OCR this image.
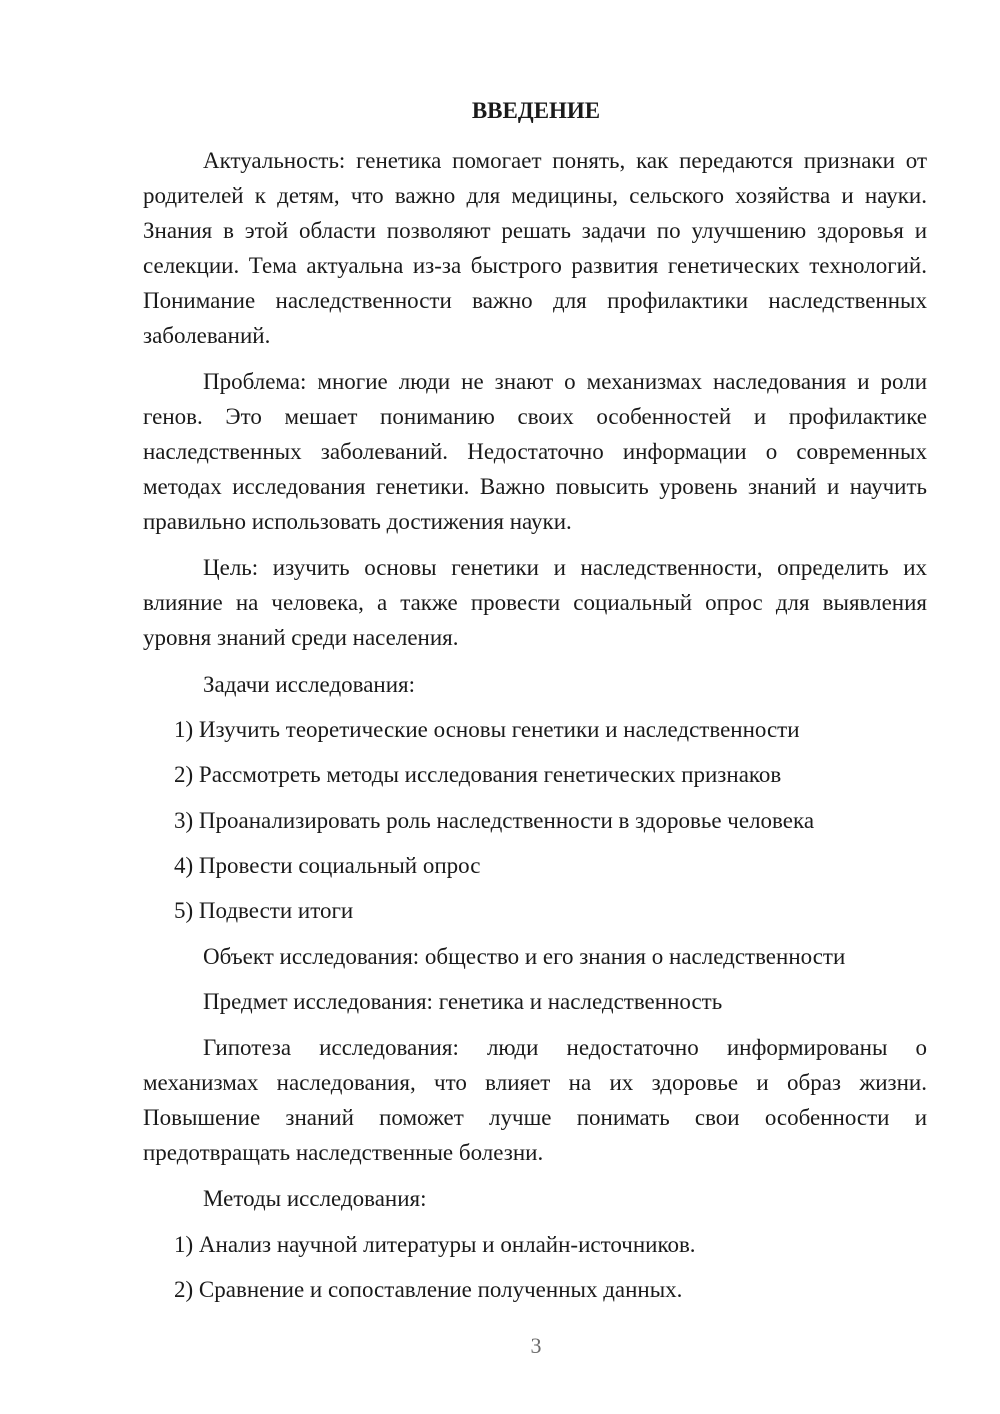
ВВЕДЕНИЕ

Актуальность: генетика помогает понять, как передаются признаки от родителей к детям, что важно для медицины, сельского хозяйства и науки. Знания в этой области позволяют решать задачи по улучшению здоровья и селекции. Тема актуальна из-за быстрого развития генетических технологий. Понимание наследственности важно для профилактики наследственных заболеваний.

Проблема: многие люди не знают о механизмах наследования и роли генов. Это мешает пониманию своих особенностей и профилактике наследственных заболеваний. Недостаточно информации о современных методах исследования генетики. Важно повысить уровень знаний и научить правильно использовать достижения науки.

Цель: изучить основы генетики и наследственности, определить их влияние на человека, а также провести социальный опрос для выявления уровня знаний среди населения.

Задачи исследования:

1) Изучить теоретические основы генетики и наследственности

2) Рассмотреть методы исследования генетических признаков

3) Проанализировать роль наследственности в здоровье человека

4) Провести социальный опрос

5) Подвести итоги

Объект исследования: общество и его знания о наследственности

Предмет исследования: генетика и наследственность

Гипотеза исследования: люди недостаточно информированы о механизмах наследования, что влияет на их здоровье и образ жизни. Повышение знаний поможет лучше понимать свои особенности и предотвращать наследственные болезни.

Методы исследования:

1) Анализ научной литературы и онлайн-источников.

2) Сравнение и сопоставление полученных данных.

3
